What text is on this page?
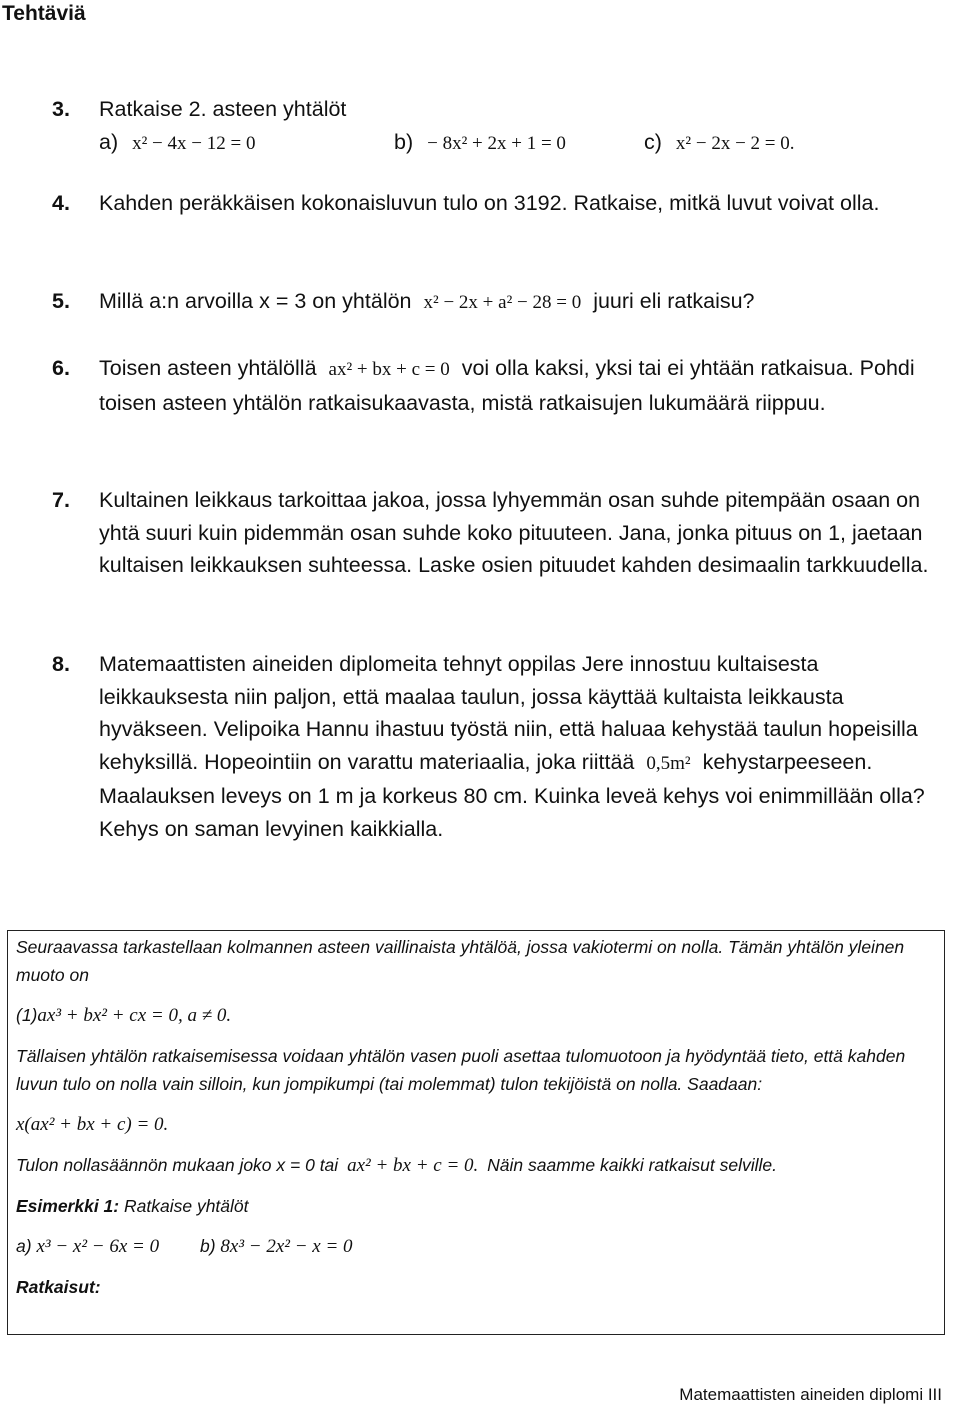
Tehtäviä
3. Ratkaise 2. asteen yhtälöt
a) x² − 4x − 12 = 0	b) − 8x² + 2x + 1 = 0	c) x² − 2x − 2 = 0.
4. Kahden peräkkäisen kokonaisluvun tulo on 3192. Ratkaise, mitkä luvut voivat olla.
5. Millä a:n arvoilla x = 3 on yhtälön x² − 2x + a² − 28 = 0 juuri eli ratkaisu?
6. Toisen asteen yhtälöllä ax² + bx + c = 0 voi olla kaksi, yksi tai ei yhtään ratkaisua. Pohdi toisen asteen yhtälön ratkaisukaavasta, mistä ratkaisujen lukumäärä riippuu.
7. Kultainen leikkaus tarkoittaa jakoa, jossa lyhyemmän osan suhde pitempään osaan on yhtä suuri kuin pidemmän osan suhde koko pituuteen. Jana, jonka pituus on 1, jaetaan kultaisen leikkauksen suhteessa. Laske osien pituudet kahden desimaalin tarkkuudella.
8. Matemaattisten aineiden diplomeita tehnyt oppilas Jere innostuu kultaisesta leikkauksesta niin paljon, että maalaa taulun, jossa käyttää kultaista leikkausta hyväkseen. Velipoika Hannu ihastuu työstä niin, että haluaa kehystää taulun hopeisilla kehyksillä. Hopeointiin on varattu materiaalia, joka riittää 0,5m² kehystarpeeseen. Maalauksen leveys on 1 m ja korkeus 80 cm. Kuinka leveä kehys voi enimmillään olla? Kehys on saman levyinen kaikkialla.

Seuraavassa tarkastellaan kolmannen asteen vaillinaista yhtälöä, jossa vakiotermi on nolla. Tämän yhtälön yleinen muoto on

(1)ax³ + bx² + cx = 0, a ≠ 0.

Tällaisen yhtälön ratkaisemisessa voidaan yhtälön vasen puoli asettaa tulomuotoon ja hyödyntää tieto, että kahden luvun tulo on nolla vain silloin, kun jompikumpi (tai molemmat) tulon tekijöistä on nolla. Saadaan:

x(ax² + bx + c) = 0.

Tulon nollasäännön mukaan joko x = 0 tai ax² + bx + c = 0. Näin saamme kaikki ratkaisut selville.

Esimerkki 1: Ratkaise yhtälöt

a) x³ − x² − 6x = 0 b) 8x³ − 2x² − x = 0

Ratkaisut:

Matemaattisten aineiden diplomi III
